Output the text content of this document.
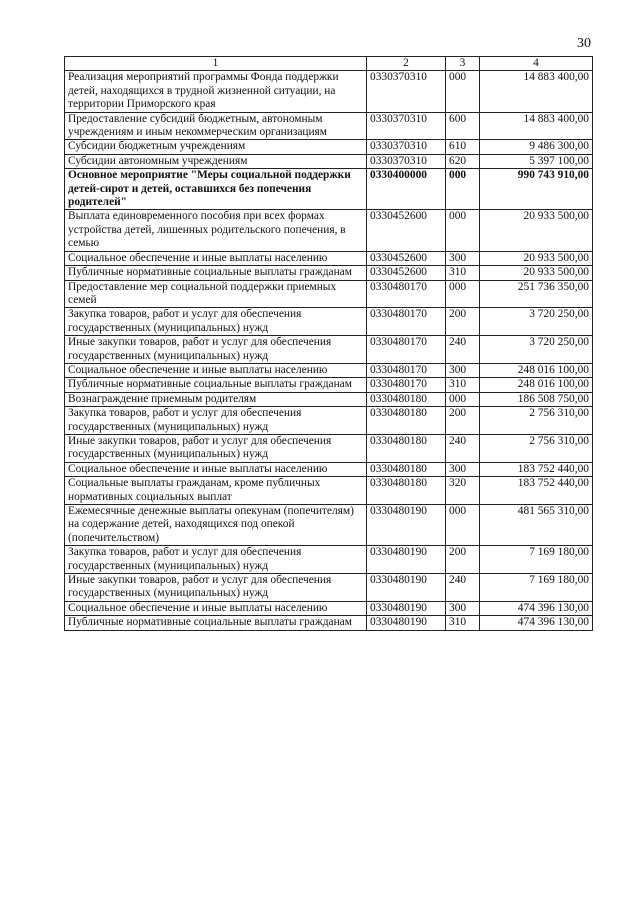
30
1	2	3	4
Реализация мероприятий программы Фонда поддержки детей, находящихся в трудной жизненной ситуации, на территории Приморского края	0330370310	000	14 883 400,00
Предоставление субсидий бюджетным, автономным учреждениям и иным некоммерческим организациям	0330370310	600	14 883 400,00
Субсидии бюджетным учреждениям	0330370310	610	9 486 300,00
Субсидии автономным учреждениям	0330370310	620	5 397 100,00
Основное мероприятие "Меры социальной поддержки детей-сирот и детей, оставшихся без попечения родителей"	0330400000	000	990 743 910,00
Выплата единовременного пособия при всех формах устройства детей, лишенных родительского попечения, в семью	0330452600	000	20 933 500,00
Социальное обеспечение и иные выплаты населению	0330452600	300	20 933 500,00
Публичные нормативные социальные выплаты гражданам	0330452600	310	20 933 500,00
Предоставление мер социальной поддержки приемных семей	0330480170	000	251 736 350,00
Закупка товаров, работ и услуг для обеспечения государственных (муниципальных) нужд	0330480170	200	3 720 250,00
Иные закупки товаров, работ и услуг для обеспечения государственных (муниципальных) нужд	0330480170	240	3 720 250,00
Социальное обеспечение и иные выплаты населению	0330480170	300	248 016 100,00
Публичные нормативные социальные выплаты гражданам	0330480170	310	248 016 100,00
Вознаграждение приемным родителям	0330480180	000	186 508 750,00
Закупка товаров, работ и услуг для обеспечения государственных (муниципальных) нужд	0330480180	200	2 756 310,00
Иные закупки товаров, работ и услуг для обеспечения государственных (муниципальных) нужд	0330480180	240	2 756 310,00
Социальное обеспечение и иные выплаты населению	0330480180	300	183 752 440,00
Социальные выплаты гражданам, кроме публичных нормативных социальных выплат	0330480180	320	183 752 440,00
Ежемесячные денежные выплаты опекунам (попечителям) на содержание детей, находящихся под опекой (попечительством)	0330480190	000	481 565 310,00
Закупка товаров, работ и услуг для обеспечения государственных (муниципальных) нужд	0330480190	200	7 169 180,00
Иные закупки товаров, работ и услуг для обеспечения государственных (муниципальных) нужд	0330480190	240	7 169 180,00
Социальное обеспечение и иные выплаты населению	0330480190	300	474 396 130,00
Публичные нормативные социальные выплаты гражданам	0330480190	310	474 396 130,00
